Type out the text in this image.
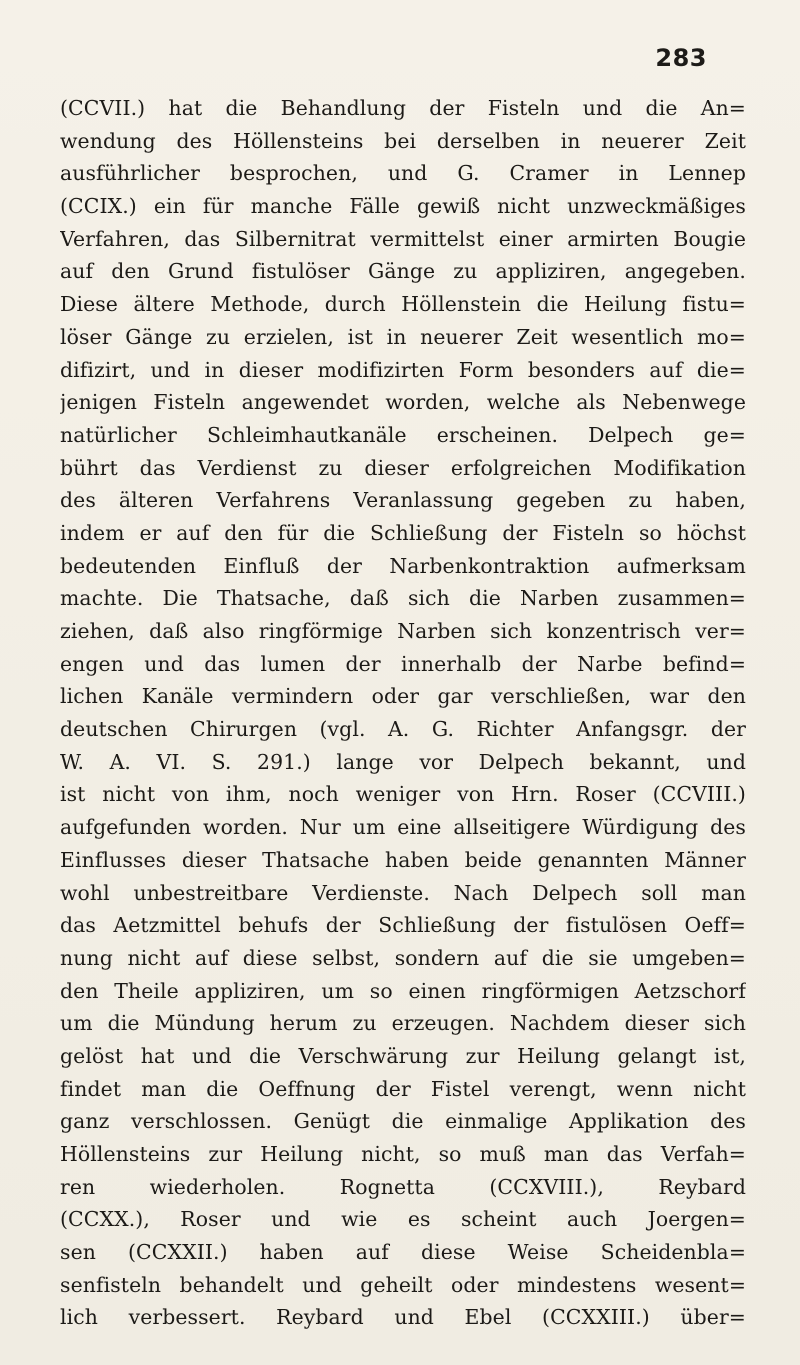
283
(CCVII.) hat die Behandlung der Fisteln und die An=
wendung des Höllensteins bei derselben in neuerer Zeit
ausführlicher besprochen, und G. Cramer in Lennep
(CCIX.) ein für manche Fälle gewiß nicht unzweckmäßiges
Verfahren, das Silbernitrat vermittelst einer armirten Bougie
auf den Grund fistulöser Gänge zu appliziren, angegeben.
Diese ältere Methode, durch Höllenstein die Heilung fistu=
löser Gänge zu erzielen, ist in neuerer Zeit wesentlich mo=
difizirt, und in dieser modifizirten Form besonders auf die=
jenigen Fisteln angewendet worden, welche als Nebenwege
natürlicher Schleimhautkanäle erscheinen. Delpech ge=
bührt das Verdienst zu dieser erfolgreichen Modifikation
des älteren Verfahrens Veranlassung gegeben zu haben,
indem er auf den für die Schließung der Fisteln so höchst
bedeutenden Einfluß der Narbenkontraktion aufmerksam
machte. Die Thatsache, daß sich die Narben zusammen=
ziehen, daß also ringförmige Narben sich konzentrisch ver=
engen und das lumen der innerhalb der Narbe befind=
lichen Kanäle vermindern oder gar verschließen, war den
deutschen Chirurgen (vgl. A. G. Richter Anfangsgr. der
W. A. VI. S. 291.) lange vor Delpech bekannt, und
ist nicht von ihm, noch weniger von Hrn. Roser (CCVIII.)
aufgefunden worden. Nur um eine allseitigere Würdigung des
Einflusses dieser Thatsache haben beide genannten Männer
wohl unbestreitbare Verdienste. Nach Delpech soll man
das Aetzmittel behufs der Schließung der fistulösen Oeff=
nung nicht auf diese selbst, sondern auf die sie umgeben=
den Theile appliziren, um so einen ringförmigen Aetzschorf
um die Mündung herum zu erzeugen. Nachdem dieser sich
gelöst hat und die Verschwärung zur Heilung gelangt ist,
findet man die Oeffnung der Fistel verengt, wenn nicht
ganz verschlossen. Genügt die einmalige Applikation des
Höllensteins zur Heilung nicht, so muß man das Verfah=
ren wiederholen. Rognetta (CCXVIII.), Reybard
(CCXX.), Roser und wie es scheint auch Joergen=
sen (CCXXII.) haben auf diese Weise Scheidenbla=
senfisteln behandelt und geheilt oder mindestens wesent=
lich verbessert. Reybard und Ebel (CCXXIII.) über=
